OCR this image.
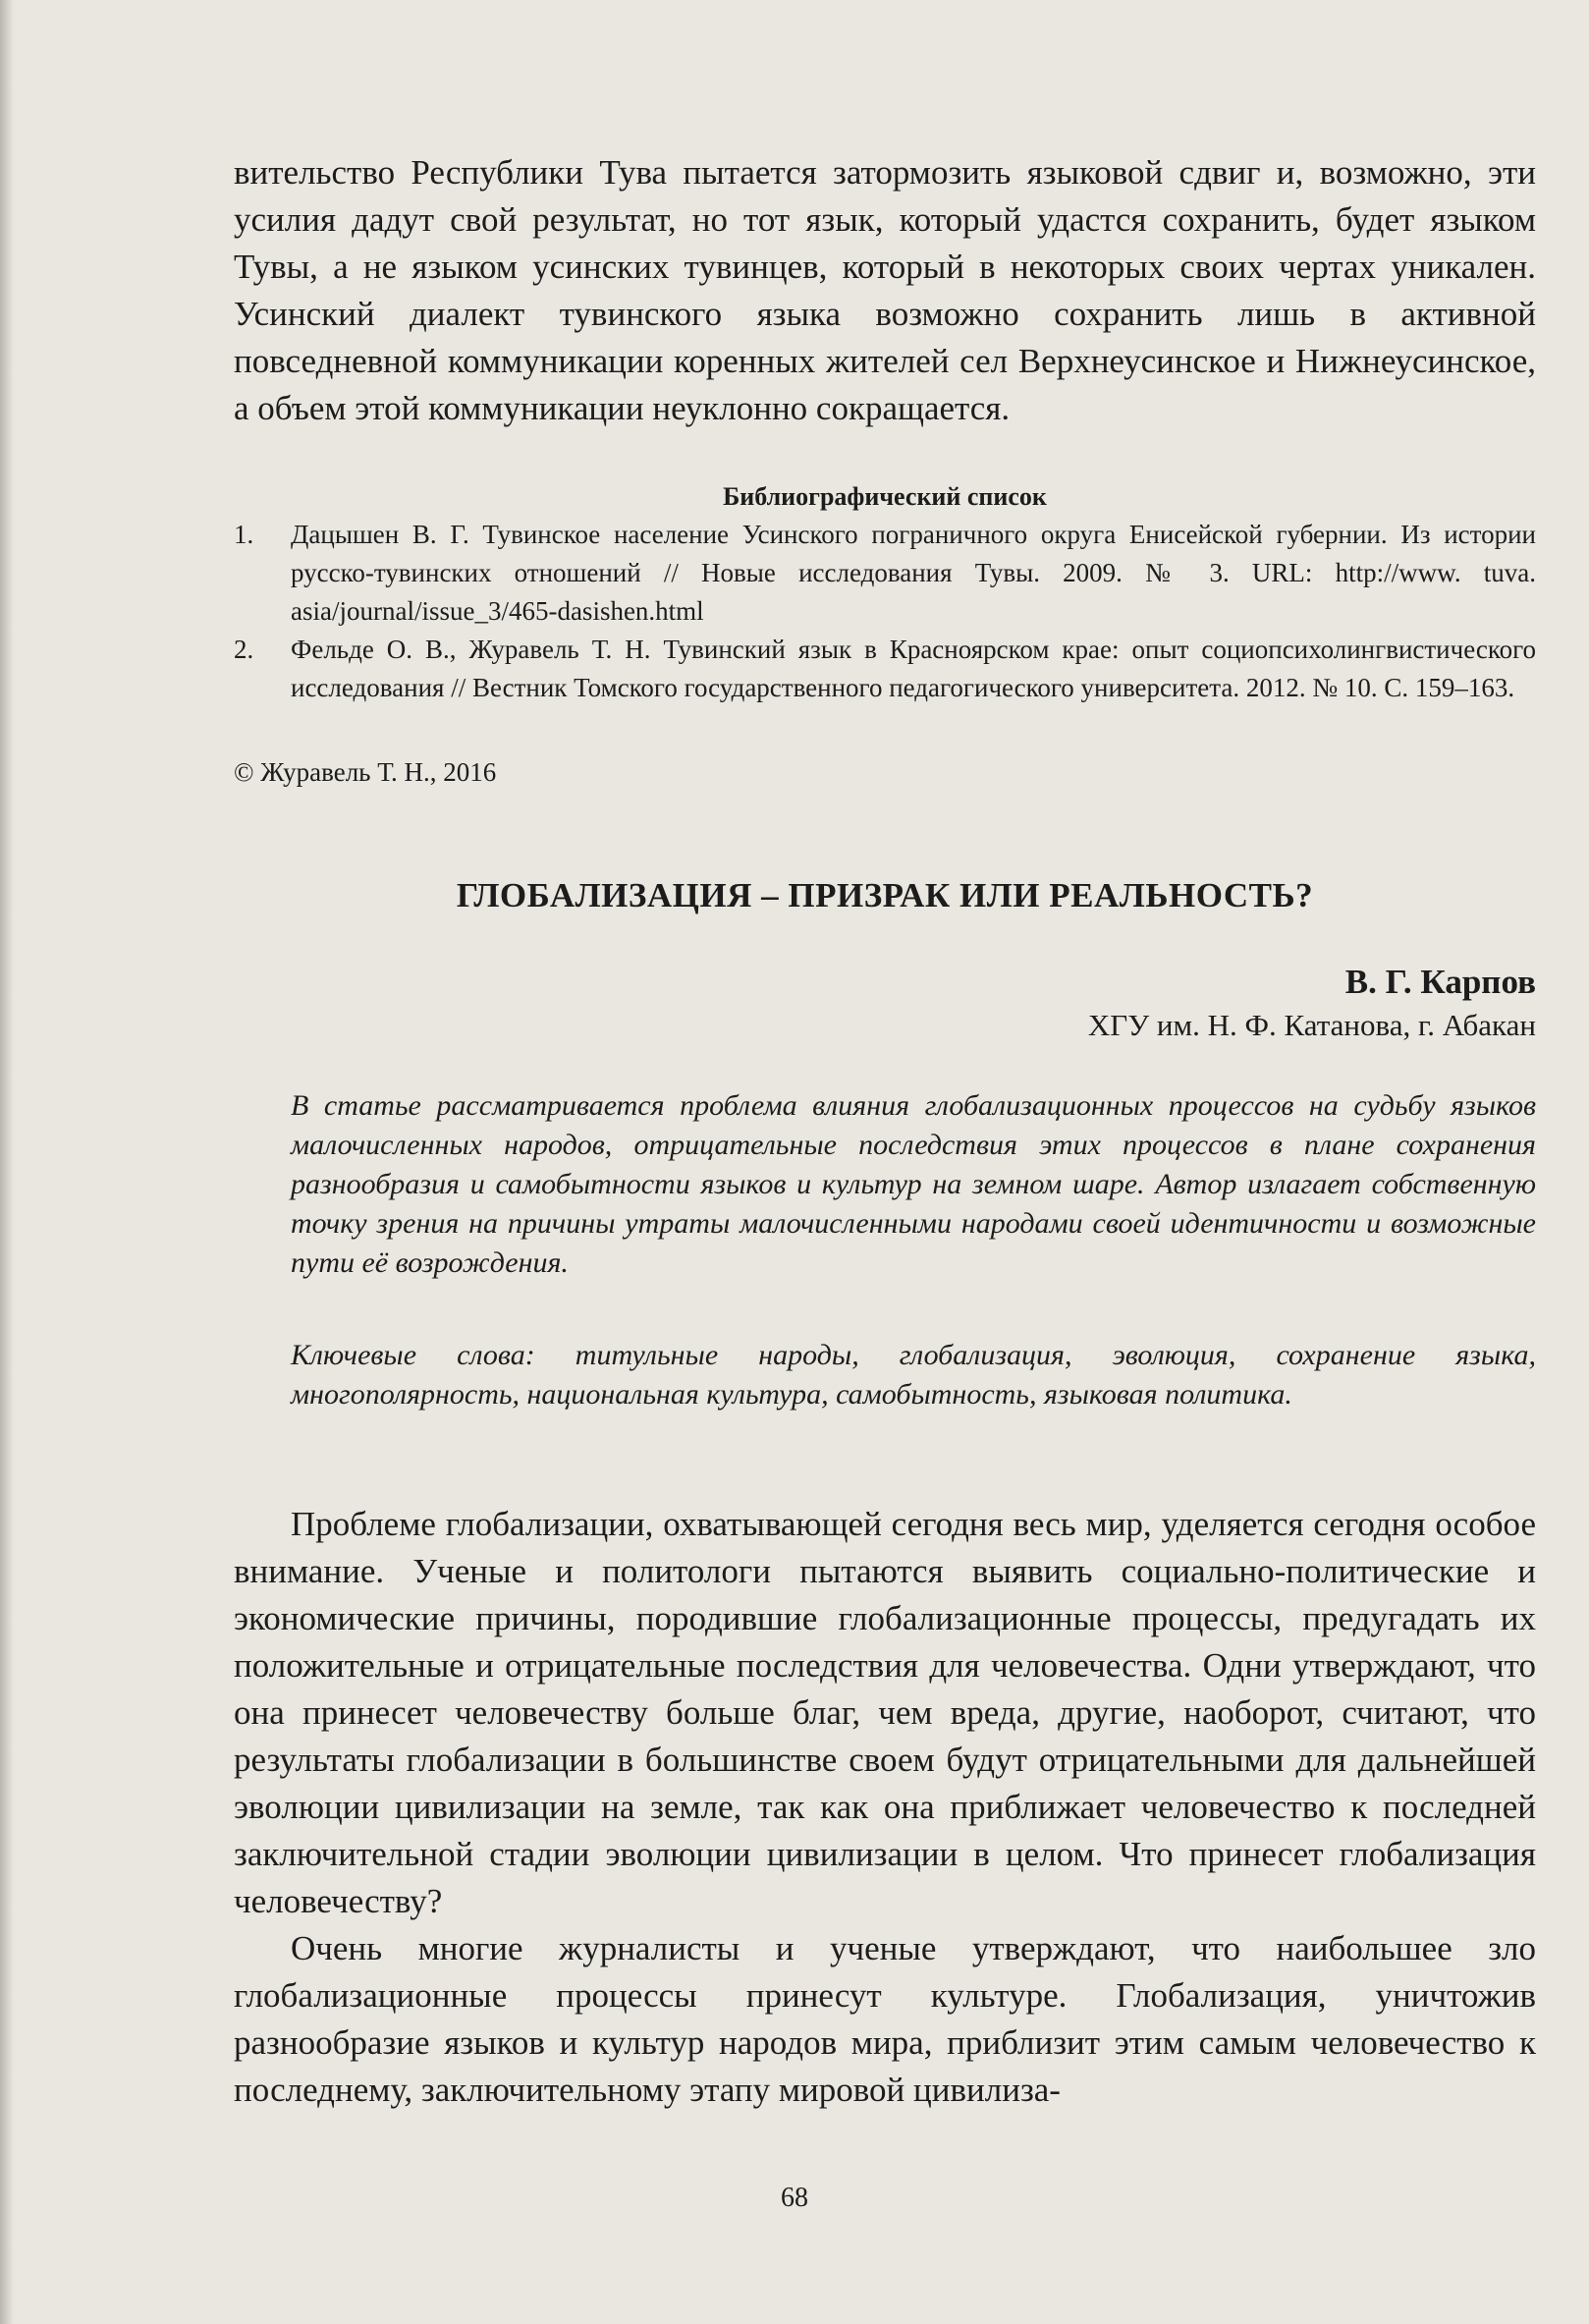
вительство Республики Тува пытается затормозить языковой сдвиг и, возможно, эти усилия дадут свой результат, но тот язык, который удастся сохранить, будет языком Тувы, а не языком усинских тувинцев, который в некоторых своих чертах уникален. Усинский диалект тувинского языка возможно сохранить лишь в активной повседневной коммуникации коренных жителей сел Верхнеусинское и Нижнеусинское, а объем этой коммуникации неуклонно сокращается.

Библиографический список

1. Дацышен В. Г. Тувинское население Усинского пограничного округа Енисейской губернии. Из истории русско-тувинских отношений // Новые исследования Тувы. 2009. № 3. URL: http://www. tuva. asia/journal/issue_3/465-dasishen.html
2. Фельде О. В., Журавель Т. Н. Тувинский язык в Красноярском крае: опыт социопсихолингвистического исследования // Вестник Томского государственного педагогического университета. 2012. № 10. С. 159–163.

© Журавель Т. Н., 2016

ГЛОБАЛИЗАЦИЯ – ПРИЗРАК ИЛИ РЕАЛЬНОСТЬ?

В. Г. Карпов

ХГУ им. Н. Ф. Катанова, г. Абакан

В статье рассматривается проблема влияния глобализационных процессов на судьбу языков малочисленных народов, отрицательные последствия этих процессов в плане сохранения разнообразия и самобытности языков и культур на земном шаре. Автор излагает собственную точку зрения на причины утраты малочисленными народами своей идентичности и возможные пути её возрождения.

Ключевые слова: титульные народы, глобализация, эволюция, сохранение языка, многополярность, национальная культура, самобытность, языковая политика.

Проблеме глобализации, охватывающей сегодня весь мир, уделяется сегодня особое внимание. Ученые и политологи пытаются выявить социально-политические и экономические причины, породившие глобализационные процессы, предугадать их положительные и отрицательные последствия для человечества. Одни утверждают, что она принесет человечеству больше благ, чем вреда, другие, наоборот, считают, что результаты глобализации в большинстве своем будут отрицательными для дальнейшей эволюции цивилизации на земле, так как она приближает человечество к последней заключительной стадии эволюции цивилизации в целом. Что принесет глобализация человечеству?

Очень многие журналисты и ученые утверждают, что наибольшее зло глобализационные процессы принесут культуре. Глобализация, уничтожив разнообразие языков и культур народов мира, приблизит этим самым человечество к последнему, заключительному этапу мировой цивилиза-

68
